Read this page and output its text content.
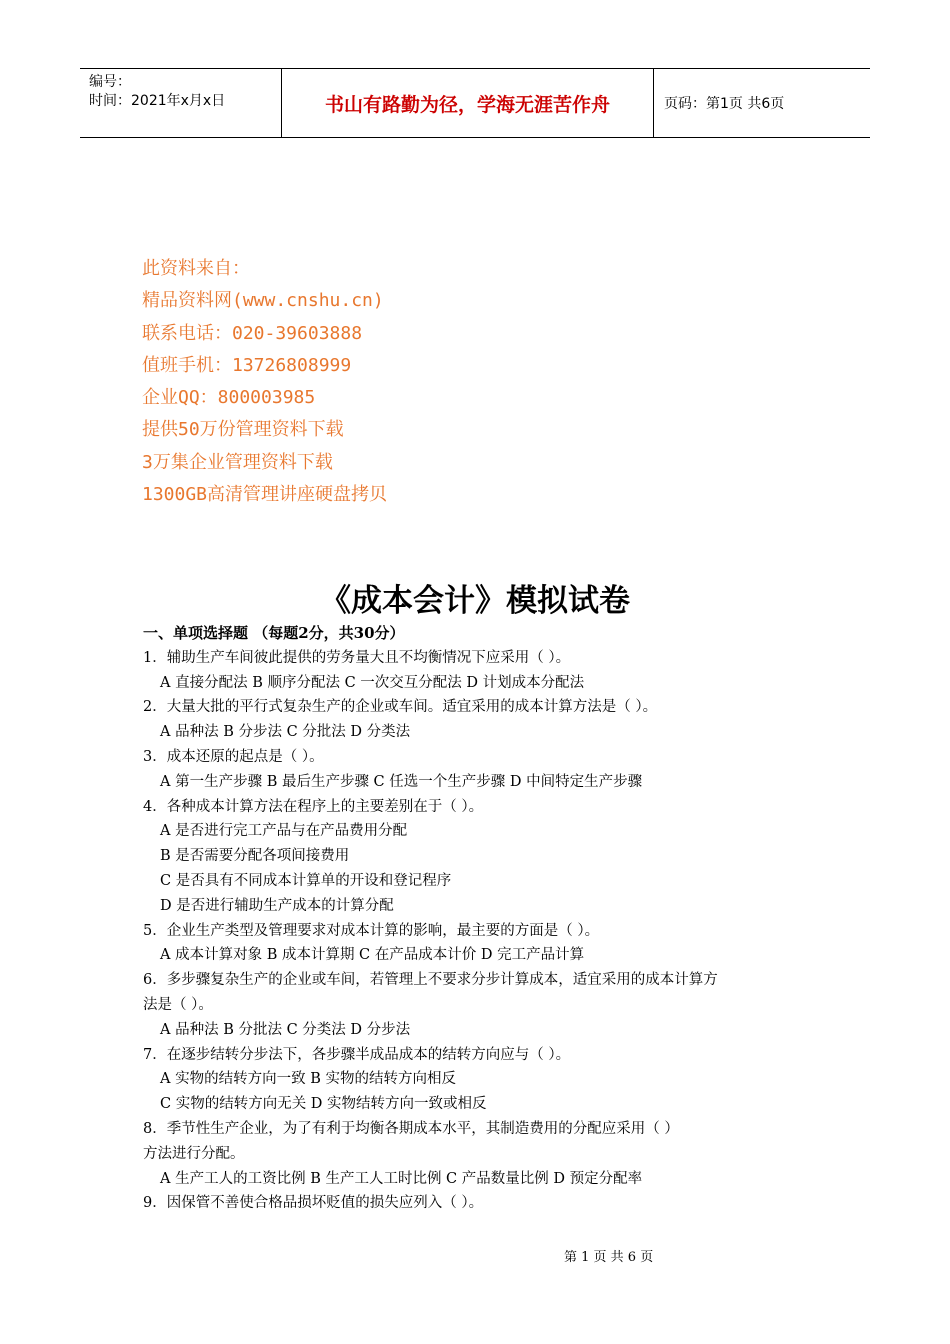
编号：
时间：2021年x月x日	书山有路勤为径，学海无涯苦作舟	页码：第1页 共6页
此资料来自：
精品资料网(www.cnshu.cn)
联系电话：020-39603888
值班手机：13726808999
企业QQ：800003985
提供50万份管理资料下载
3万集企业管理资料下载
1300GB高清管理讲座硬盘拷贝
《成本会计》模拟试卷
一、单项选择题 （每题2分，共30分）
1．辅助生产车间彼此提供的劳务量大且不均衡情况下应采用（ ）。
A 直接分配法 B 顺序分配法 C 一次交互分配法 D 计划成本分配法
2．大量大批的平行式复杂生产的企业或车间。适宜采用的成本计算方法是（ ）。
A 品种法 B 分步法 C 分批法 D 分类法
3．成本还原的起点是（ ）。
A 第一生产步骤 B 最后生产步骤 C 任选一个生产步骤 D 中间特定生产步骤
4．各种成本计算方法在程序上的主要差别在于（ ）。
A 是否进行完工产品与在产品费用分配
B 是否需要分配各项间接费用
C 是否具有不同成本计算单的开设和登记程序
D 是否进行辅助生产成本的计算分配
5．企业生产类型及管理要求对成本计算的影响，最主要的方面是（ ）。
A 成本计算对象 B 成本计算期 C 在产品成本计价 D 完工产品计算
6．多步骤复杂生产的企业或车间，若管理上不要求分步计算成本，适宜采用的成本计算方
法是（ ）。
A 品种法 B 分批法 C 分类法 D 分步法
7．在逐步结转分步法下，各步骤半成品成本的结转方向应与（ ）。
A 实物的结转方向一致 B 实物的结转方向相反
C 实物的结转方向无关 D 实物结转方向一致或相反
8．季节性生产企业，为了有利于均衡各期成本水平，其制造费用的分配应采用（ ）
方法进行分配。
A 生产工人的工资比例 B 生产工人工时比例 C 产品数量比例 D 预定分配率
9．因保管不善使合格品损坏贬值的损失应列入（ ）。
第 1 页 共 6 页
